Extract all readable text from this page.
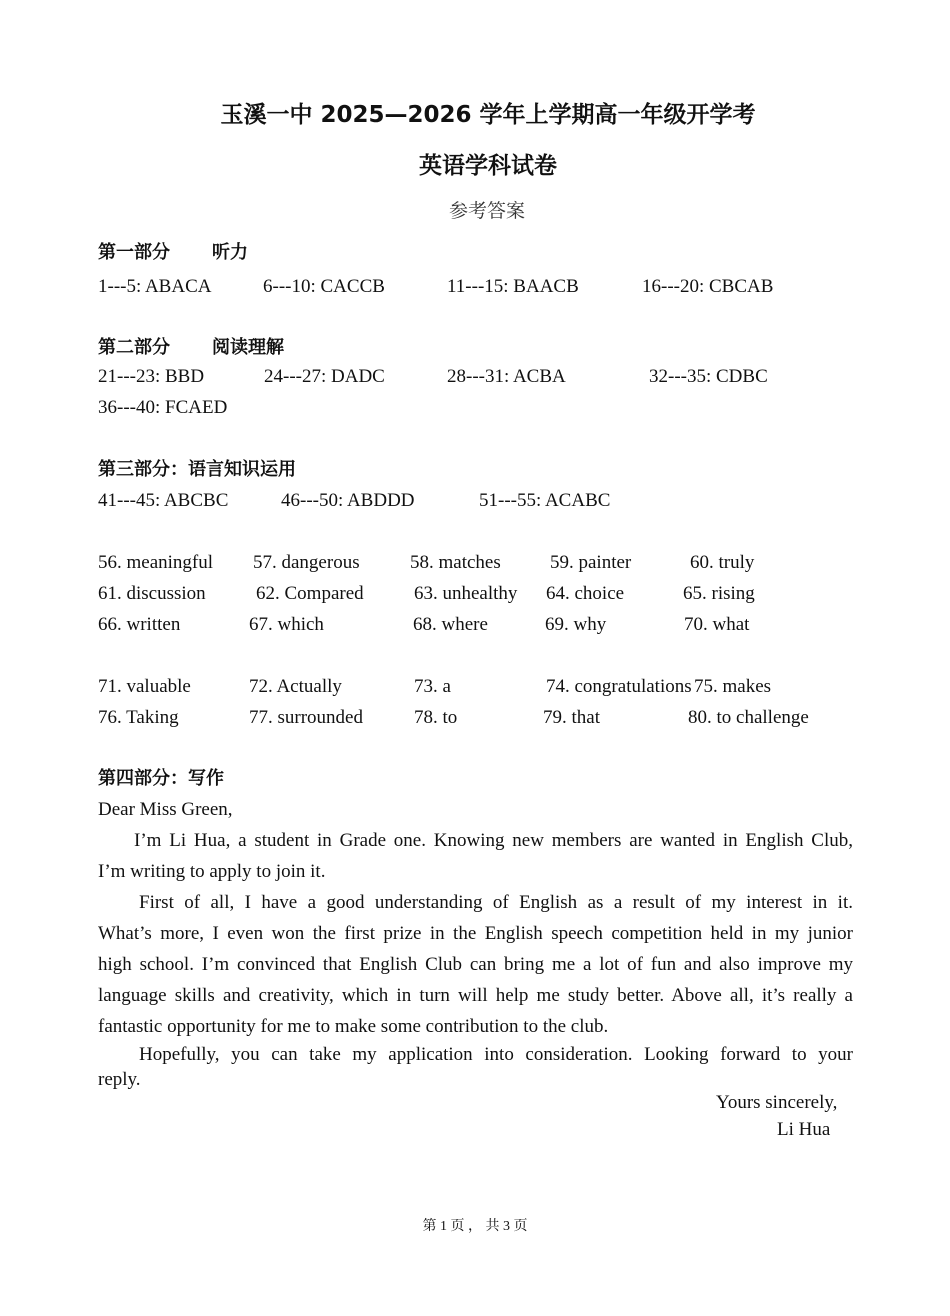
玉溪一中 2025—2026 学年上学期高一年级开学考
英语学科试卷
参考答案
第一部分 听力
1---5: ABACA	6---10: CACCB	11---15: BAACB	16---20: CBCAB
第二部分 阅读理解
21---23: BBD	24---27: DADC	28---31: ACBA	32---35: CDBC
36---40: FCAED
第三部分：语言知识运用
41---45: ABCBC	46---50: ABDDD	51---55: ACABC
56. meaningful 57. dangerous	58. matches	59. painter	60. truly
61. discussion	62. Compared	63. unhealthy 64. choice	65. rising
66. written	67. which	68. where	69. why	70. what
71. valuable	72. Actually	73. a	74. congratulations 75. makes
76. Taking	77. surrounded	78. to	79. that	80. to challenge
第四部分：写作
Dear Miss Green,
I’m Li Hua, a student in Grade one. Knowing new members are wanted in English Club,
I’m writing to apply to join it.
First of all, I have a good understanding of English as a result of my interest in it.
What’s more, I even won the first prize in the English speech competition held in my junior
high school. I’m convinced that English Club can bring me a lot of fun and also improve my
language skills and creativity, which in turn will help me study better. Above all, it’s really a
fantastic opportunity for me to make some contribution to the club.
Hopefully, you can take my application into consideration. Looking forward to your
reply.
Yours sincerely,
Li Hua
第 1 页 ， 共 3 页
